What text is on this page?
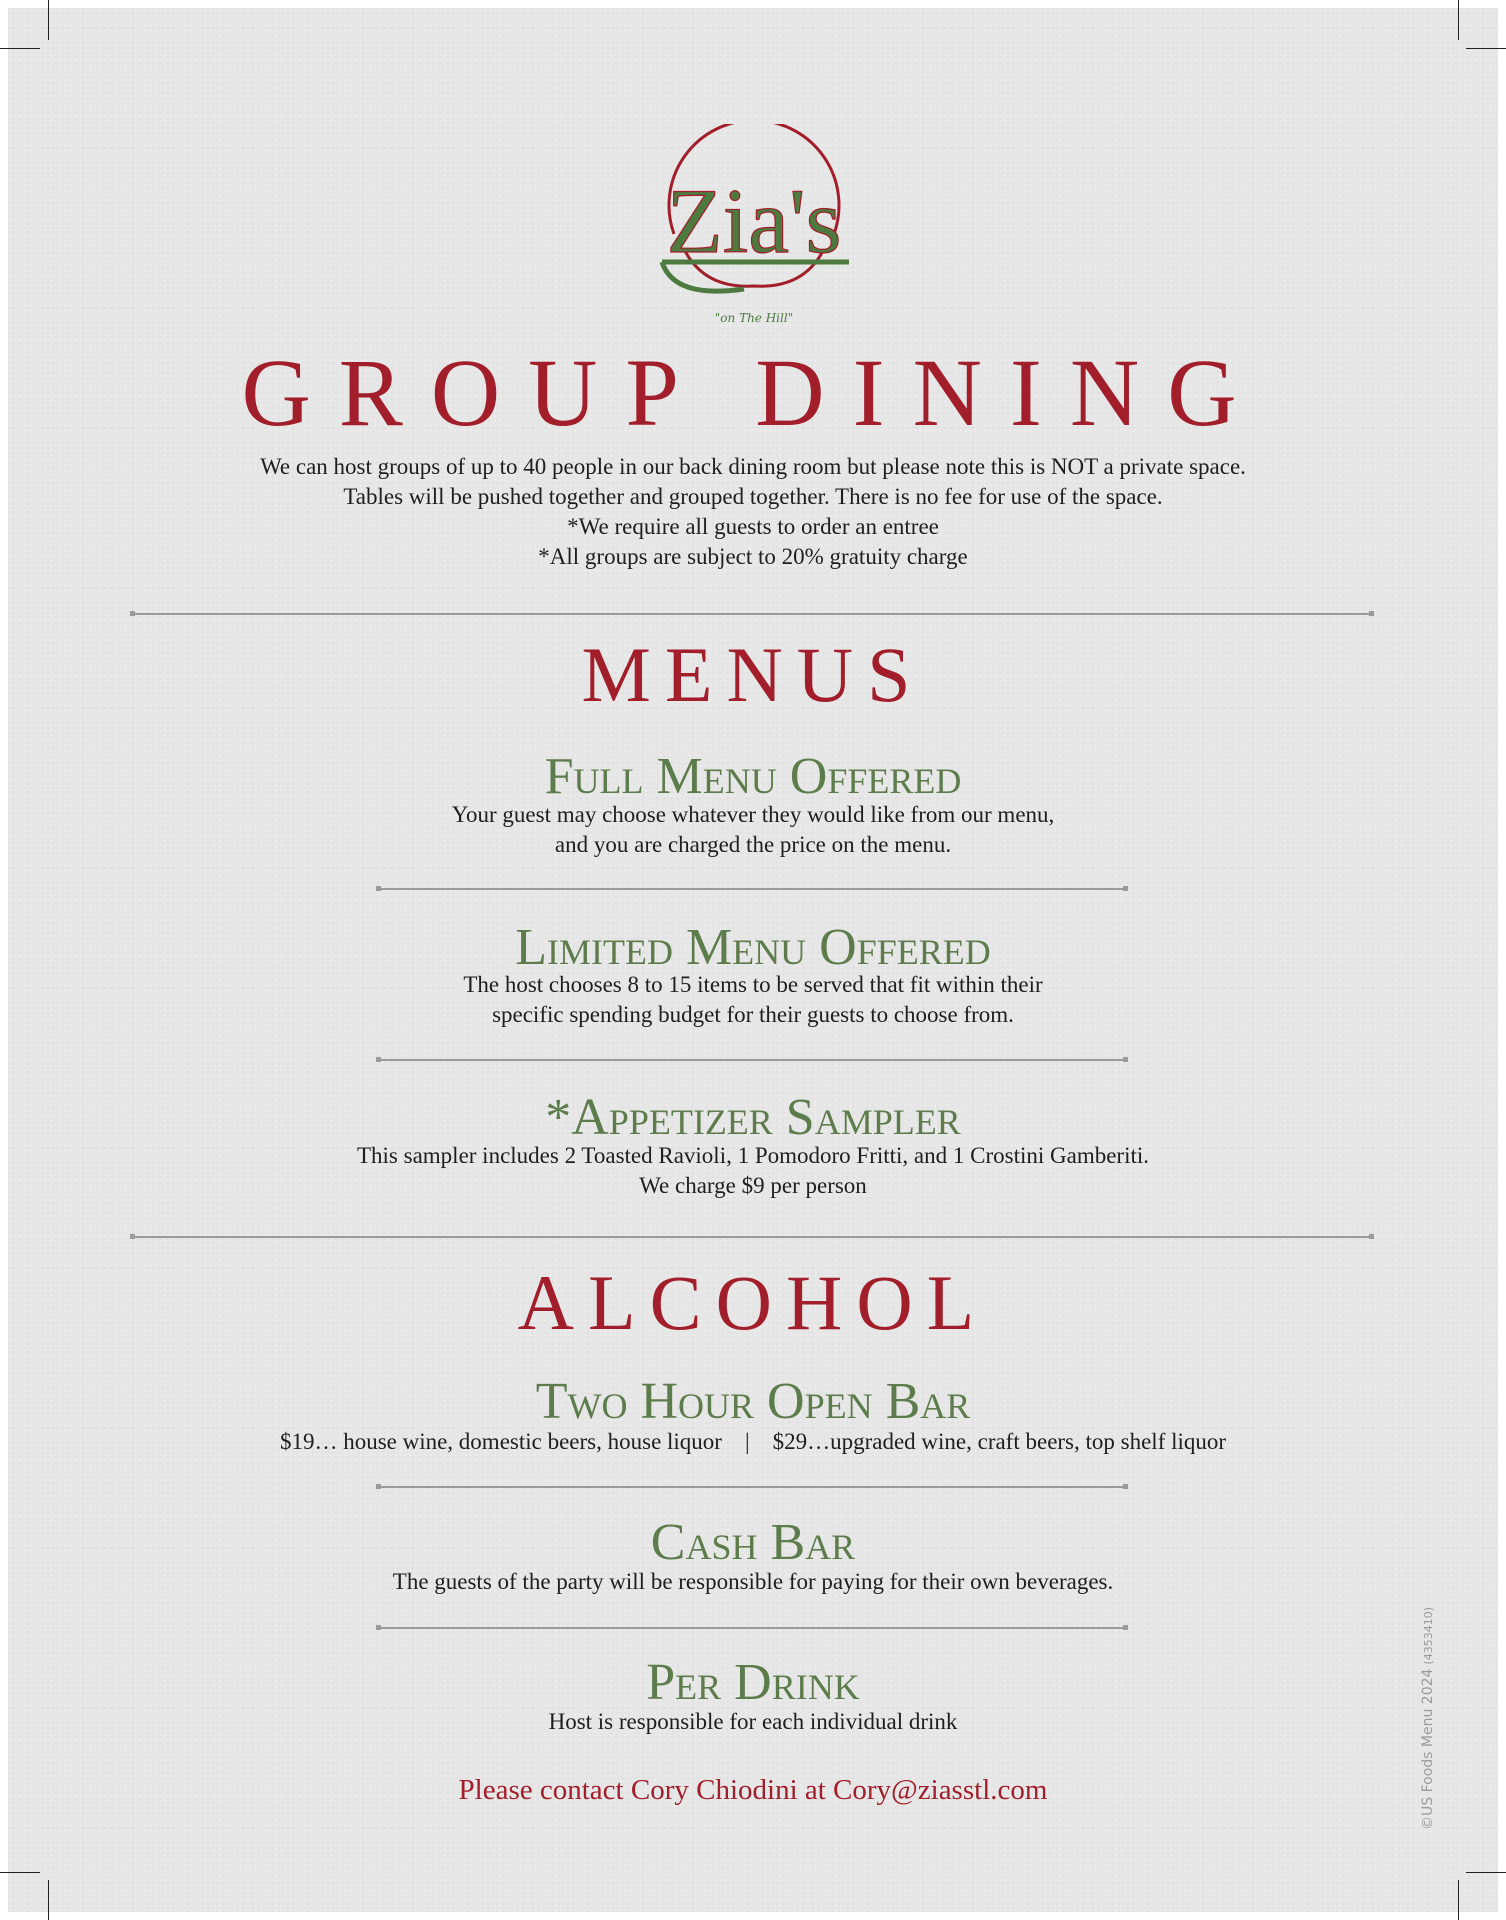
Zia's
"on The Hill"
GROUP DINING
We can host groups of up to 40 people in our back dining room but please note this is NOT a private space.
Tables will be pushed together and grouped together. There is no fee for use of the space.
*We require all guests to order an entree
*All groups are subject to 20% gratuity charge
MENUS
Full Menu Offered
Your guest may choose whatever they would like from our menu,
and you are charged the price on the menu.
Limited Menu Offered
The host chooses 8 to 15 items to be served that fit within their
specific spending budget for their guests to choose from.
*Appetizer Sampler
This sampler includes 2 Toasted Ravioli, 1 Pomodoro Fritti, and 1 Crostini Gamberiti.
We charge $9 per person
ALCOHOL
Two Hour Open Bar
$19… house wine, domestic beers, house liquor    |    $29…upgraded wine, craft beers, top shelf liquor
Cash Bar
The guests of the party will be responsible for paying for their own beverages.
Per Drink
Host is responsible for each individual drink
Please contact Cory Chiodini at Cory@ziasstl.com	©US Foods Menu 2024(4353410)
